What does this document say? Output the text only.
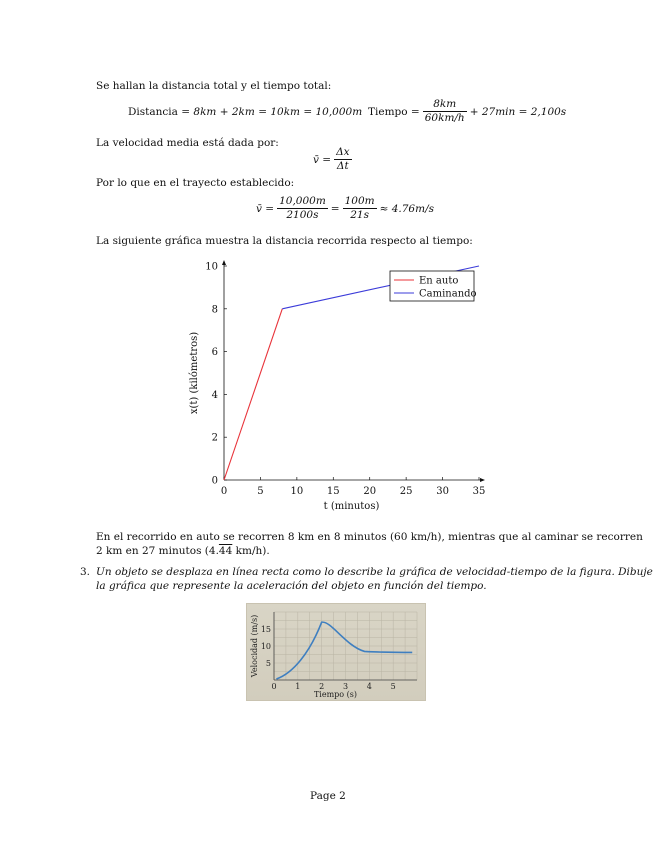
Se hallan la distancia total y el tiempo total:
Distancia = 8km + 2km = 10km = 10,000m Tiempo = $\frac{8km}{60km/h} + 27\min = 2,100s$
La velocidad media está dada por:
v̄ = $\frac{\Delta x}{\Delta t}$
Por lo que en el trayecto establecido:
v̄ = $\frac{10,000m}{2100s} = \frac{100m}{21s} \approx 4.76m/s$
La siguiente gráfica muestra la distancia recorrida respecto al tiempo:
0	5	10 15 20 25 30 35
0
2
4
6
8
10
t (minutos)
x(t) (kilómetros)
En auto
Caminando
En el recorrido en auto se recorren 8 km en 8 minutos (60 km/h), mientras que al caminar se recorren
2 km en 27 minutos (4.44 km/h).
3. Un objeto se desplaza en línea recta como lo describe la gráfica de velocidad-tiempo de la figura. Dibuje
la gráfica que represente la aceleración del objeto en función del tiempo.
0 1 2 3 4 5
5
10
15
Tiempo (s)
Velocidad (m/s)
Page 2
